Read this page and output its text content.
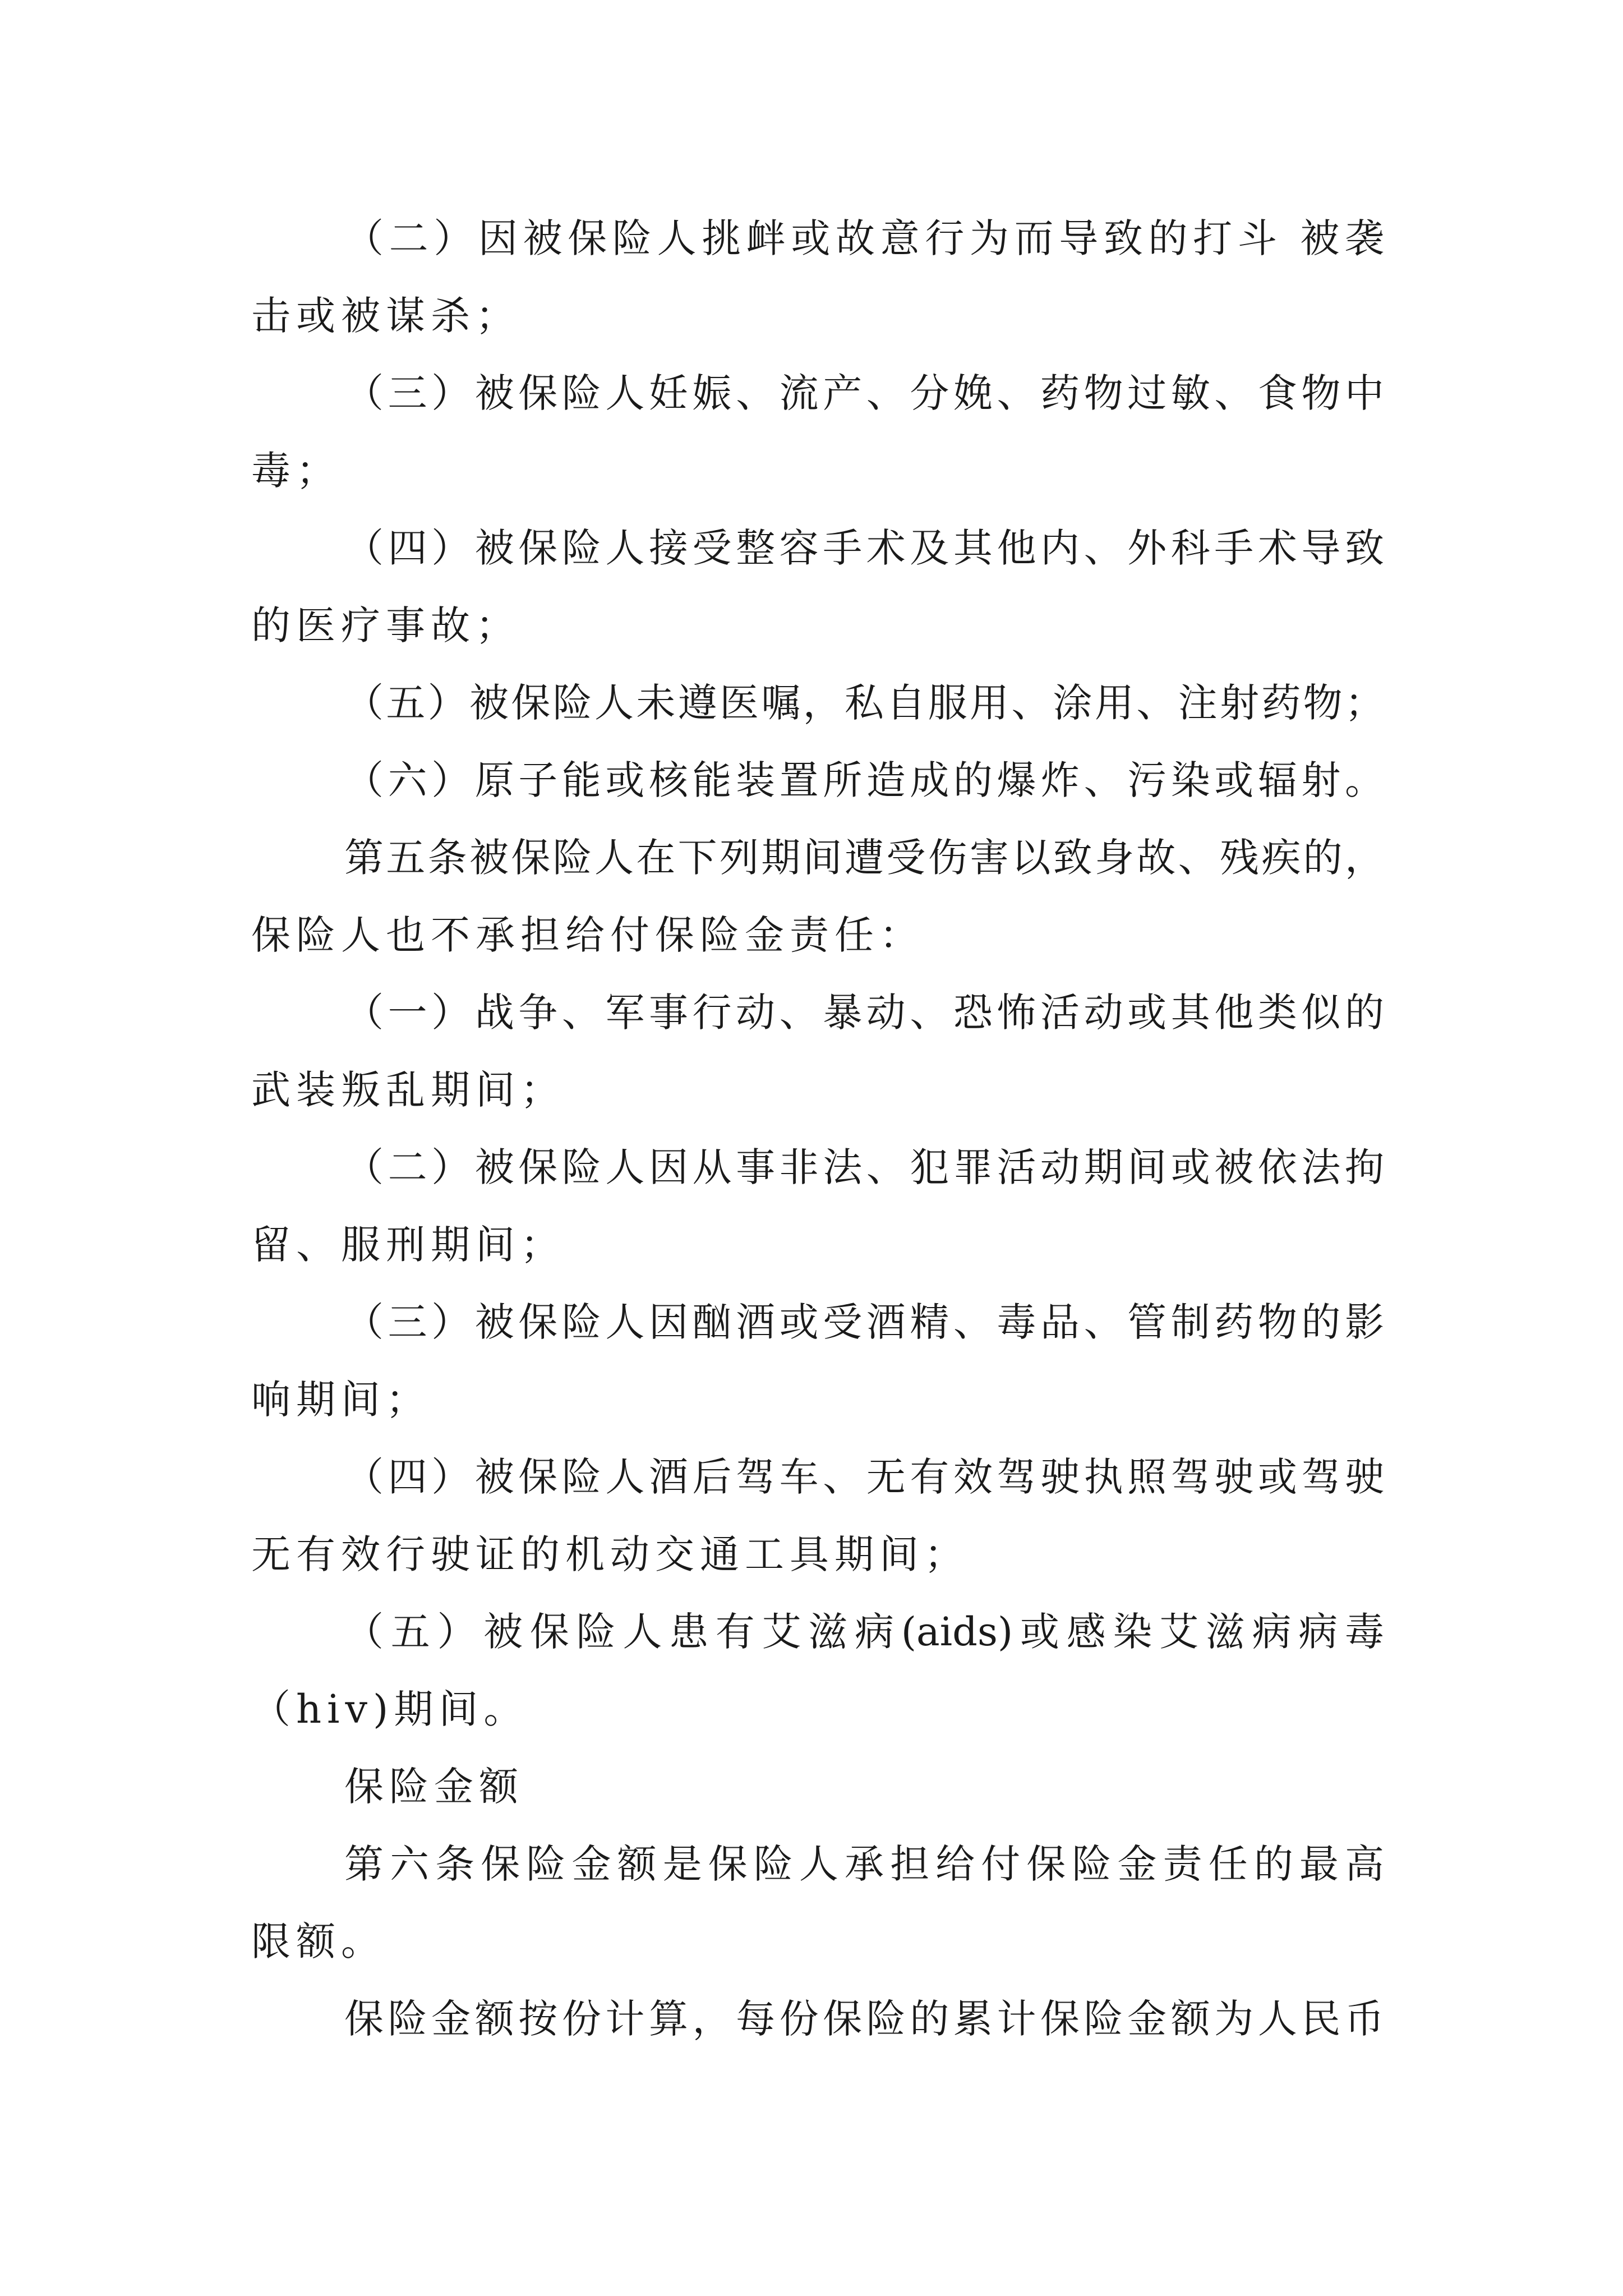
（二）因被保险人挑衅或故意行为而导致的打斗 被袭
击或被谋杀；
（三）被保险人妊娠、流产、分娩、药物过敏、食物中
毒；
（四）被保险人接受整容手术及其他内、外科手术导致
的医疗事故；
（五）被保险人未遵医嘱，私自服用、涂用、注射药物；
（六）原子能或核能装置所造成的爆炸、污染或辐射。
第五条被保险人在下列期间遭受伤害以致身故、残疾的，
保险人也不承担给付保险金责任：
（一）战争、军事行动、暴动、恐怖活动或其他类似的
武装叛乱期间；
（二）被保险人因从事非法、犯罪活动期间或被依法拘
留、服刑期间；
（三）被保险人因酗酒或受酒精、毒品、管制药物的影
响期间；
（四）被保险人酒后驾车、无有效驾驶执照驾驶或驾驶
无有效行驶证的机动交通工具期间；
（五）被保险人患有艾滋病(aids)或感染艾滋病病毒
（hiv)期间。
保险金额
第六条保险金额是保险人承担给付保险金责任的最高
限额。
保险金额按份计算，每份保险的累计保险金额为人民币
